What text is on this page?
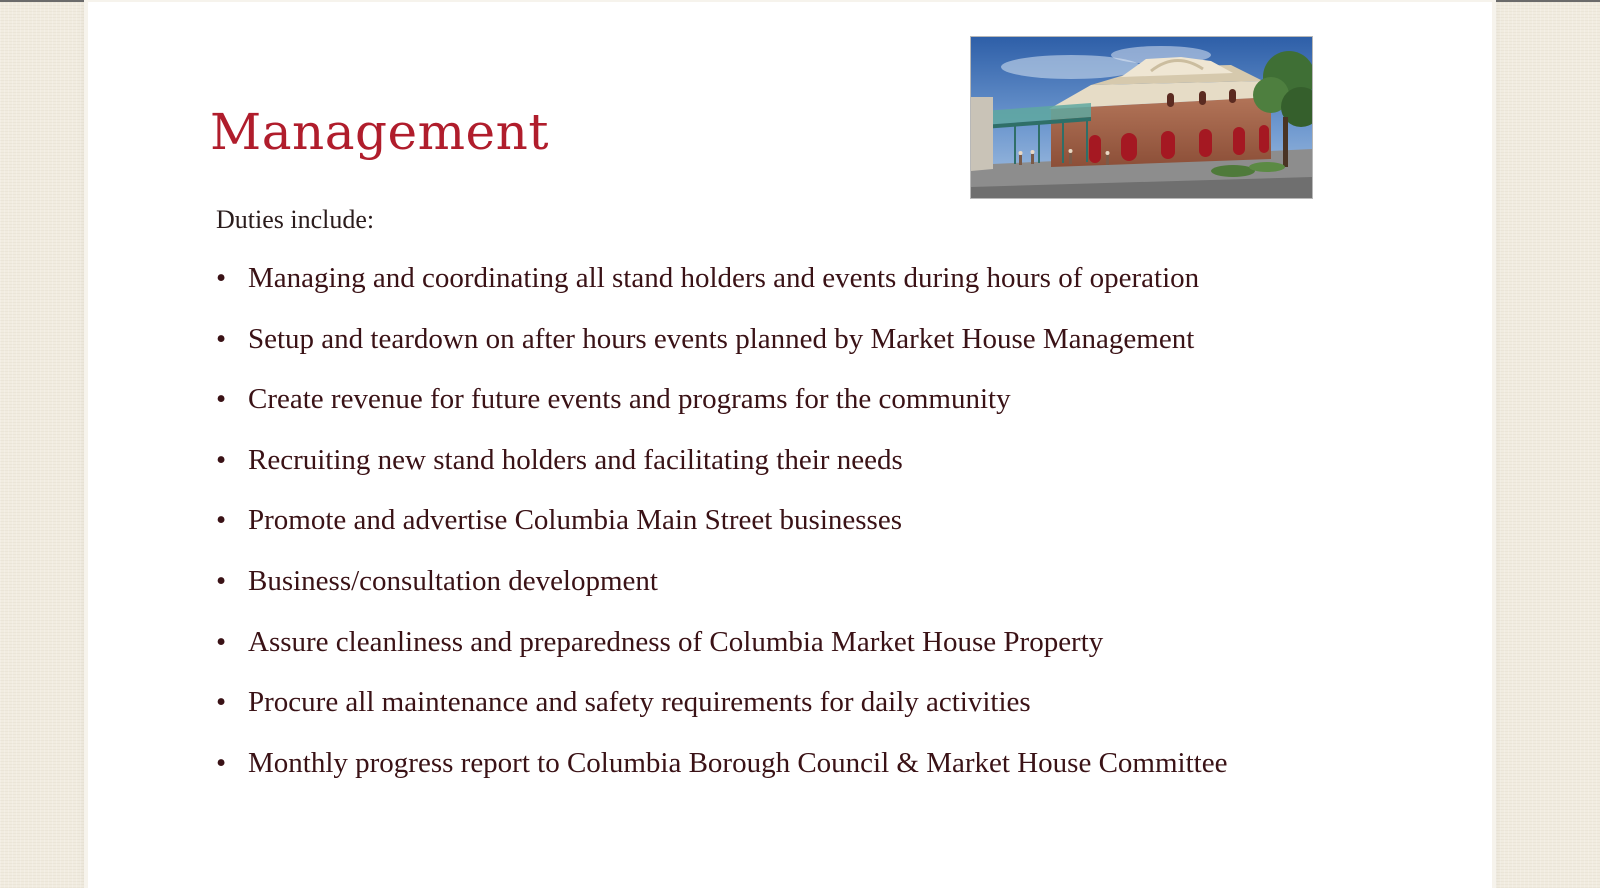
Management
Duties include:
• Managing and coordinating all stand holders and events during hours of operation
• Setup and teardown on after hours events planned by Market House Management
• Create revenue for future events and programs for the community
• Recruiting new stand holders and facilitating their needs
• Promote and advertise Columbia Main Street businesses
• Business/consultation development
• Assure cleanliness and preparedness of Columbia Market House Property
• Procure all maintenance and safety requirements for daily activities
• Monthly progress report to Columbia Borough Council & Market House Committee
